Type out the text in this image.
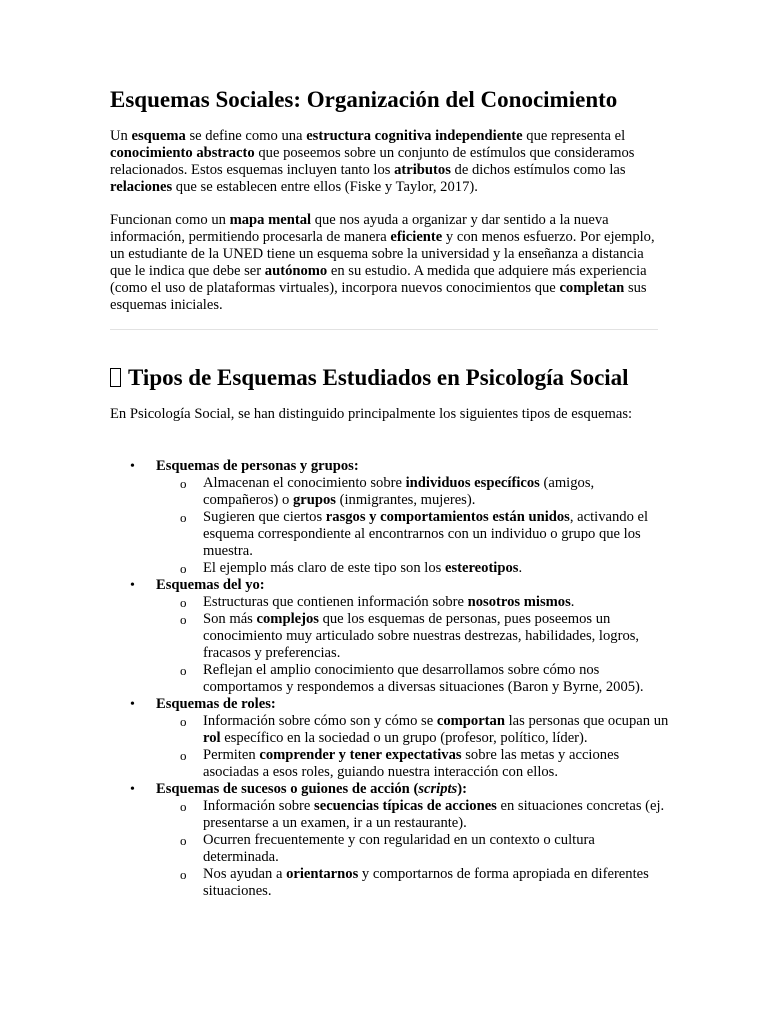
Esquemas Sociales: Organización del Conocimiento

Un esquema se define como una estructura cognitiva independiente que representa el conocimiento abstracto que poseemos sobre un conjunto de estímulos que consideramos relacionados. Estos esquemas incluyen tanto los atributos de dichos estímulos como las relaciones que se establecen entre ellos (Fiske y Taylor, 2017).

Funcionan como un mapa mental que nos ayuda a organizar y dar sentido a la nueva información, permitiendo procesarla de manera eficiente y con menos esfuerzo. Por ejemplo, un estudiante de la UNED tiene un esquema sobre la universidad y la enseñanza a distancia que le indica que debe ser autónomo en su estudio. A medida que adquiere más experiencia (como el uso de plataformas virtuales), incorpora nuevos conocimientos que completan sus esquemas iniciales.

Tipos de Esquemas Estudiados en Psicología Social

En Psicología Social, se han distinguido principalmente los siguientes tipos de esquemas:

• Esquemas de personas y grupos:
o Almacenan el conocimiento sobre individuos específicos (amigos, compañeros) o grupos (inmigrantes, mujeres).
o Sugieren que ciertos rasgos y comportamientos están unidos, activando el esquema correspondiente al encontrarnos con un individuo o grupo que los muestra.
o El ejemplo más claro de este tipo son los estereotipos.
• Esquemas del yo:
o Estructuras que contienen información sobre nosotros mismos.
o Son más complejos que los esquemas de personas, pues poseemos un conocimiento muy articulado sobre nuestras destrezas, habilidades, logros, fracasos y preferencias.
o Reflejan el amplio conocimiento que desarrollamos sobre cómo nos comportamos y respondemos a diversas situaciones (Baron y Byrne, 2005).
• Esquemas de roles:
o Información sobre cómo son y cómo se comportan las personas que ocupan un rol específico en la sociedad o un grupo (profesor, político, líder).
o Permiten comprender y tener expectativas sobre las metas y acciones asociadas a esos roles, guiando nuestra interacción con ellos.
• Esquemas de sucesos o guiones de acción (scripts):
o Información sobre secuencias típicas de acciones en situaciones concretas (ej. presentarse a un examen, ir a un restaurante).
o Ocurren frecuentemente y con regularidad en un contexto o cultura determinada.
o Nos ayudan a orientarnos y comportarnos de forma apropiada en diferentes situaciones.
